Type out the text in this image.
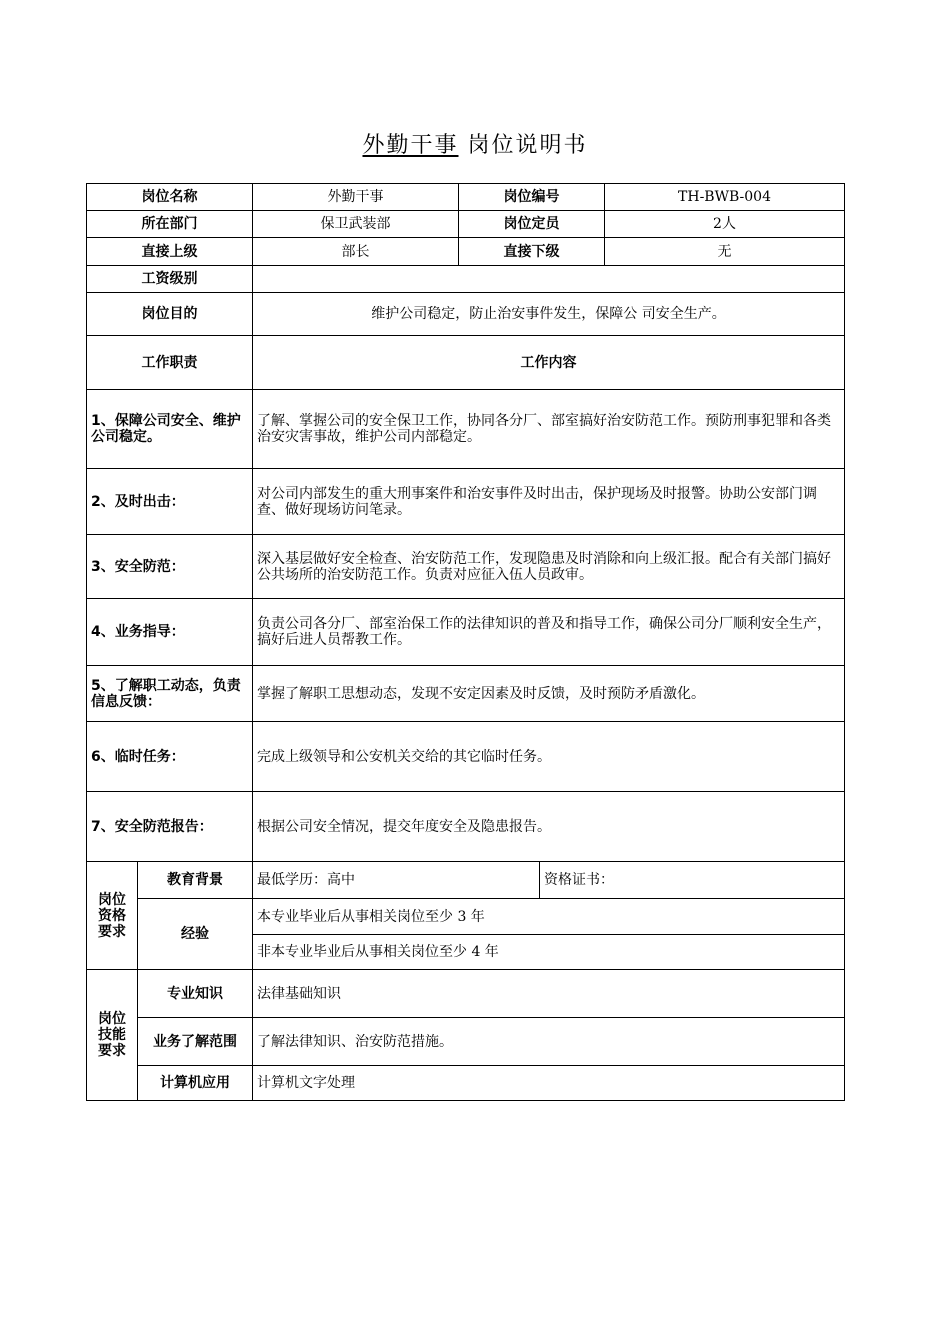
外勤干事 岗位说明书
岗位名称		外勤干事	岗位编号		TH-BWB-004
所在部门		保卫武装部	岗位定员		2人
直接上级		部长	直接下级		无
工资级别					
岗位目的		维护公司稳定，防止治安事件发生，保障公 司安全生产。			
工作职责		工作内容			
1、保障公司安全、维护公司稳定。		了解、掌握公司的安全保卫工作，协同各分厂、部室搞好治安防范工作。预防刑事犯罪和各类治安灾害事故，维护公司内部稳定。			
2、及时出击：		对公司内部发生的重大刑事案件和治安事件及时出击，保护现场及时报警。协助公安部门调查、做好现场访问笔录。			
3、安全防范：		深入基层做好安全检查、治安防范工作，发现隐患及时消除和向上级汇报。配合有关部门搞好公共场所的治安防范工作。负责对应征入伍人员政审。			
4、业务指导：		负责公司各分厂、部室治保工作的法律知识的普及和指导工作，确保公司分厂顺利安全生产，搞好后进人员帮教工作。			
5、了解职工动态，负责信息反馈：		掌握了解职工思想动态，发现不安定因素及时反馈，及时预防矛盾激化。			
6、临时任务：		完成上级领导和公安机关交给的其它临时任务。			
7、安全防范报告：		根据公司安全情况，提交年度安全及隐患报告。			
岗位资格要求	教育背景	最低学历：高中		资格证书：	
	经验	本专业毕业后从事相关岗位至少 3 年			
		非本专业毕业后从事相关岗位至少 4 年			
岗位技能要求	专业知识	法律基础知识			
	业务了解范围	了解法律知识、治安防范措施。			
	计算机应用	计算机文字处理			
